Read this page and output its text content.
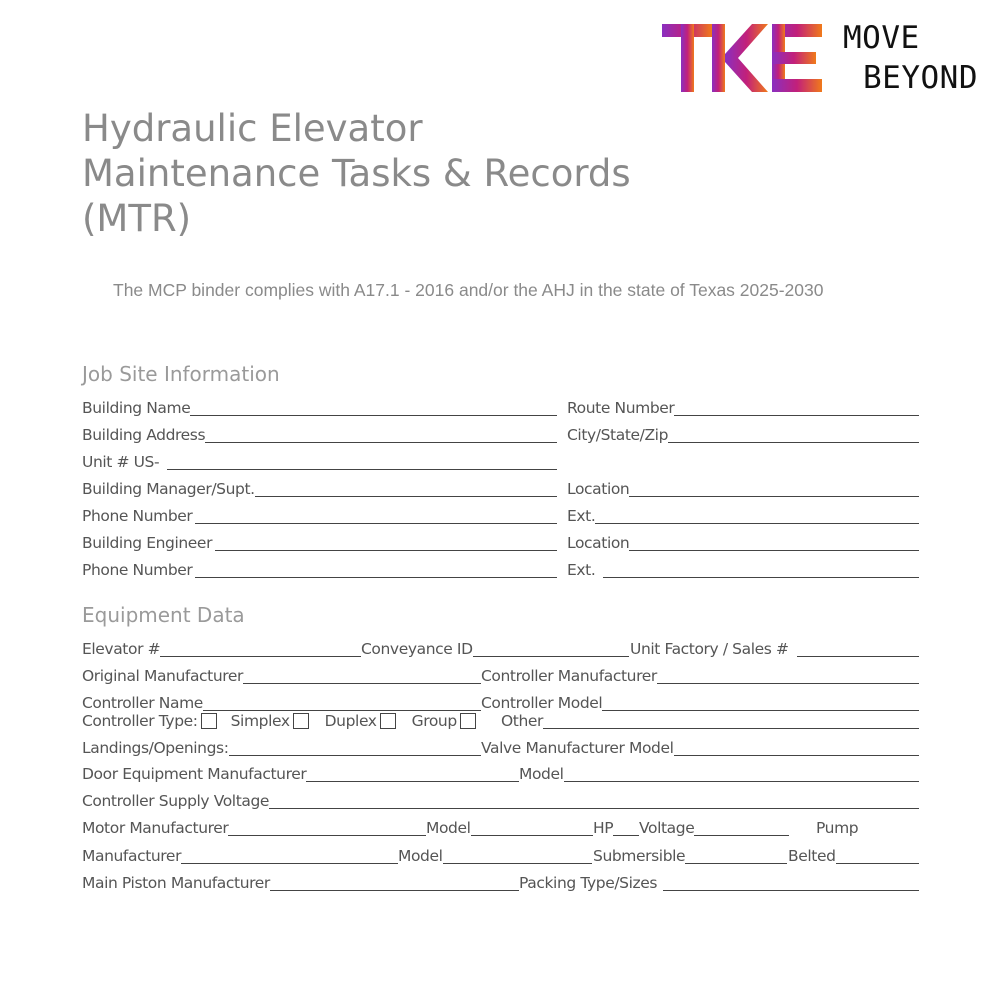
MOVE
BEYOND
Hydraulic Elevator
Maintenance Tasks & Records
(MTR)
The MCP binder complies with A17.1 - 2016 and/or the AHJ in the state of Texas 2025-2030
Job Site Information
Building Name	Route Number
Building Address	City/State/Zip
Unit # US-
Building Manager/Supt.	Location
Phone Number	Ext.
Building Engineer	Location
Phone Number	Ext.
Equipment Data
Elevator #	Conveyance ID	Unit Factory / Sales #
Original Manufacturer	Controller Manufacturer
Controller Name	Controller Model
Controller Type: Simplex Duplex Group	Other
Landings/Openings:	Valve Manufacturer Model
Door Equipment Manufacturer	Model
Controller Supply Voltage
Motor Manufacturer	Model	HP Voltage	Pump
Manufacturer	Model	Submersible	Belted
Main Piston Manufacturer	Packing Type/Sizes
